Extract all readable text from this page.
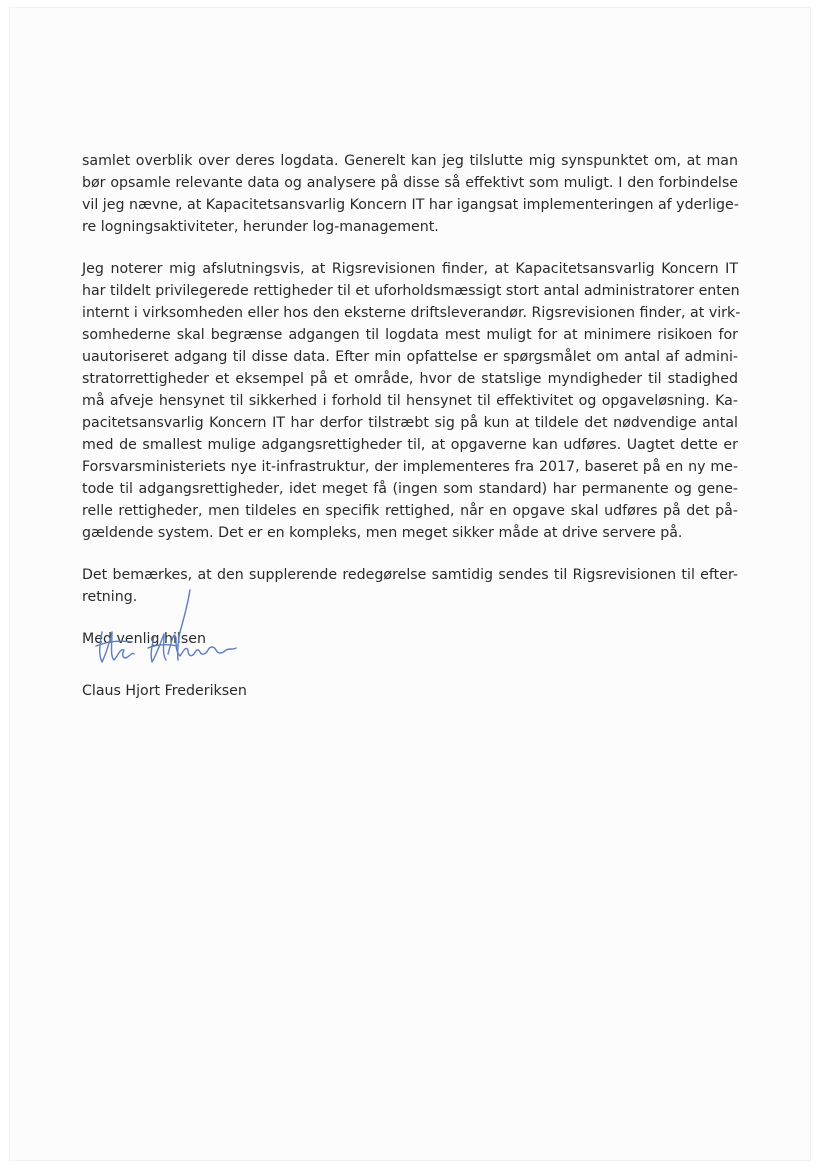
samlet overblik over deres logdata. Generelt kan jeg tilslutte mig synspunktet om, at man

bør opsamle relevante data og analysere på disse så effektivt som muligt. I den forbindelse

vil jeg nævne, at Kapacitetsansvarlig Koncern IT har igangsat implementeringen af yderlige-

re logningsaktiviteter, herunder log-management.

Jeg noterer mig afslutningsvis, at Rigsrevisionen finder, at Kapacitetsansvarlig Koncern IT

har tildelt privilegerede rettigheder til et uforholdsmæssigt stort antal administratorer enten

internt i virksomheden eller hos den eksterne driftsleverandør. Rigsrevisionen finder, at virk-

somhederne skal begrænse adgangen til logdata mest muligt for at minimere risikoen for

uautoriseret adgang til disse data. Efter min opfattelse er spørgsmålet om antal af admini-

stratorrettigheder et eksempel på et område, hvor de statslige myndigheder til stadighed

må afveje hensynet til sikkerhed i forhold til hensynet til effektivitet og opgaveløsning. Ka-

pacitetsansvarlig Koncern IT har derfor tilstræbt sig på kun at tildele det nødvendige antal

med de smallest mulige adgangsrettigheder til, at opgaverne kan udføres. Uagtet dette er

Forsvarsministeriets nye it-infrastruktur, der implementeres fra 2017, baseret på en ny me-

tode til adgangsrettigheder, idet meget få (ingen som standard) har permanente og gene-

relle rettigheder, men tildeles en specifik rettighed, når en opgave skal udføres på det på-

gældende system. Det er en kompleks, men meget sikker måde at drive servere på.

Det bemærkes, at den supplerende redegørelse samtidig sendes til Rigsrevisionen til efter-

retning.

Med venlig hilsen

Claus Hjort Frederiksen
